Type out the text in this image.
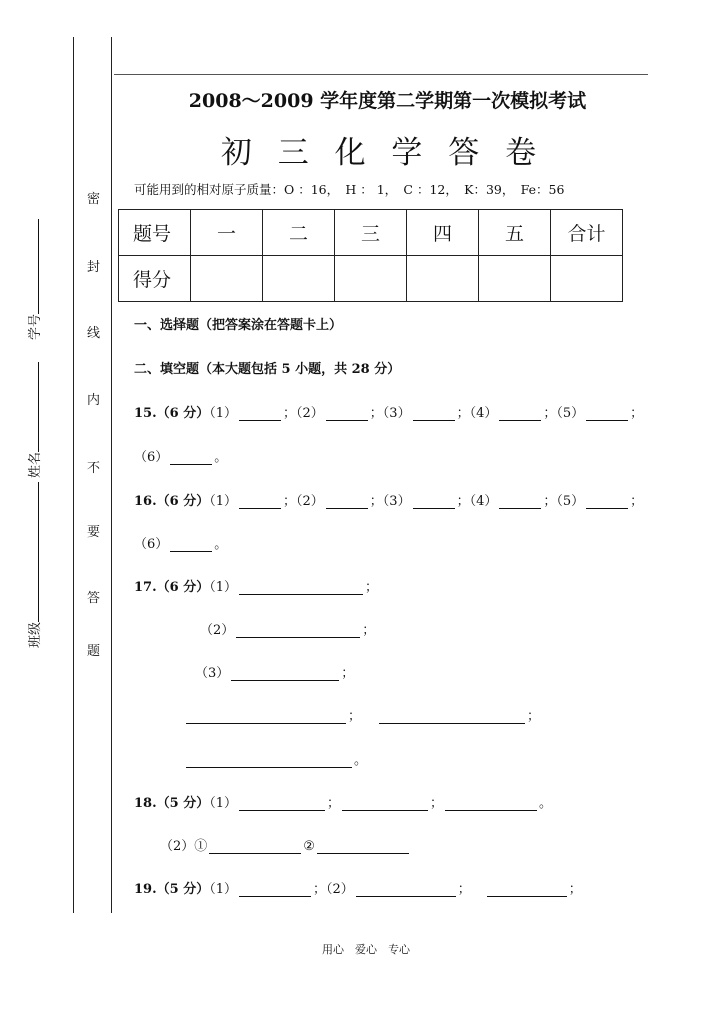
学号
姓名
班级
密
封
线
内
不
要
答
题
2008～2009 学年度第二学期第一次模拟考试
初 三 化 学 答 卷
可能用到的相对原子质量：O ：16，　H ： 1，　C ：12，　K：39，　Fe：56
题号	一	二	三	四	五	合计
得分						
一、选择题（把答案涂在答题卡上）
二、填空题（本大题包括 5 小题，共 28 分）
15.（6 分）（1）	；（2）	；（3）	；（4）	；（5）	；
（6）	。
16.（6 分）（1）	；（2）	；（3）	；（4）	；（5）	；
（6）	。
17.（6 分）（1）	；
（2）	；
（3）	；
；	；
。
18.（5 分）（1）	；	；	。
（2）①	②
19.（5 分）（1）	；（2）	；	；
用心　爱心　专心
